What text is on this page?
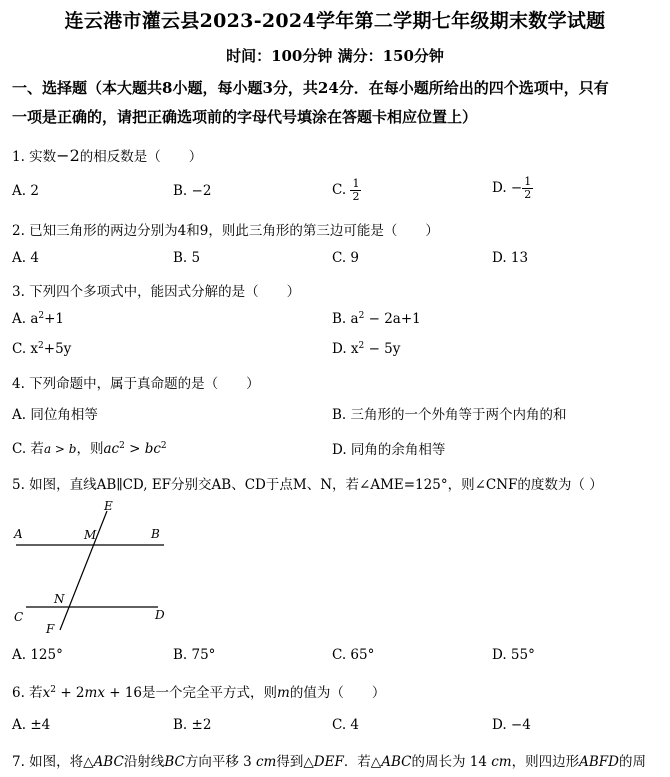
连云港市灌云县2023-2024学年第二学期七年级期末数学试题
时间：100分钟 满分：150分钟
一、选择题（本大题共8小题，每小题3分，共24分．在每小题所给出的四个选项中，只有
一项是正确的，请把正确选项前的字母代号填涂在答题卡相应位置上）
1. 实数−2的相反数是（ ）
A. 2	B. −2	C. $\frac{1}{2}$	D. − $\frac{1}{2}$
2. 已知三角形的两边分别为4和9，则此三角形的第三边可能是（ ）
A. 4	B. 5	C. 9	D. 13
3. 下列四个多项式中，能因式分解的是（ ）
A. $a^2+1$	B. $a^2 - 2a+1$
C. $x^2+5y$	D. $x^2 - 5y$
4. 下列命题中，属于真命题的是（ ）
A. 同位角相等	B. 三角形的一个外角等于两个内角的和
C. 若a > b，则$ac^2 > bc^2$	D. 同角的余角相等
5. 如图，直线AB∥CD, EF分别交AB、CD于点M、N，若∠AME=125°，则∠CNF的度数为（ ）
E
A	M	B
N
C	D
F
A. 125°	B. 75°	C. 65°	D. 55°
6. 若$x^2 + 2mx + 16$是一个完全平方式，则m的值为（ ）
A. ±4	B. ±2	C. 4	D. −4
7. 如图，将△ABC沿射线BC方向平移 3 cm得到△DEF．若△ABC的周长为 14 cm，则四边形ABFD的周
